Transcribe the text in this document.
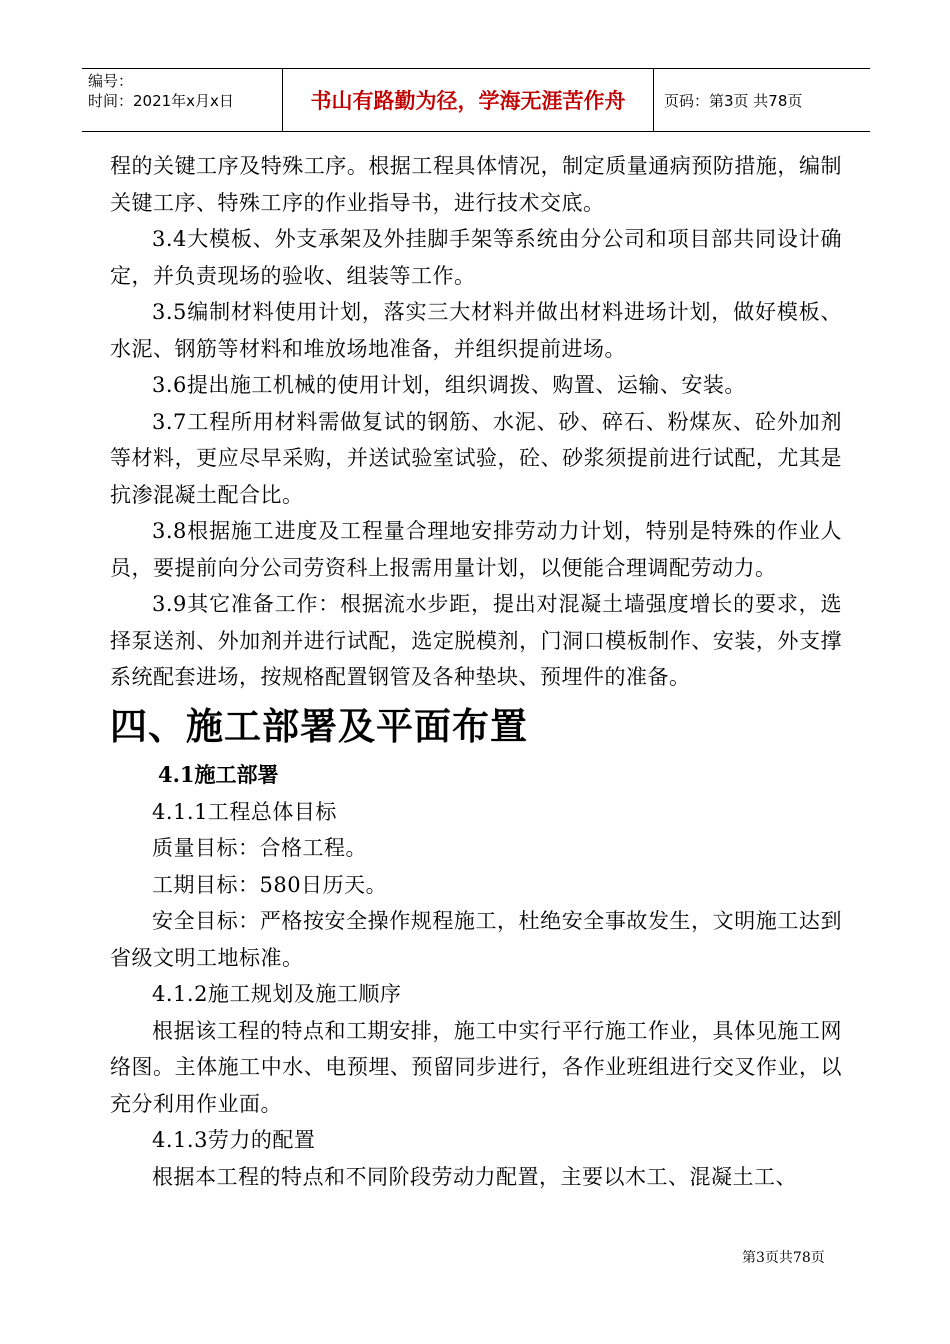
编号：
时间：2021年x月x日	书山有路勤为径，学海无涯苦作舟	页码：第3页 共78页

程的关键工序及特殊工序。根据工程具体情况，制定质量通病预防措施，编制关键工序、特殊工序的作业指导书，进行技术交底。

3.4大模板、外支承架及外挂脚手架等系统由分公司和项目部共同设计确定，并负责现场的验收、组装等工作。

3.5编制材料使用计划，落实三大材料并做出材料进场计划，做好模板、水泥、钢筋等材料和堆放场地准备，并组织提前进场。

3.6提出施工机械的使用计划，组织调拨、购置、运输、安装。

3.7工程所用材料需做复试的钢筋、水泥、砂、碎石、粉煤灰、砼外加剂等材料，更应尽早采购，并送试验室试验，砼、砂浆须提前进行试配，尤其是抗渗混凝土配合比。

3.8根据施工进度及工程量合理地安排劳动力计划，特别是特殊的作业人员，要提前向分公司劳资科上报需用量计划，以便能合理调配劳动力。

3.9其它准备工作：根据流水步距，提出对混凝土墙强度增长的要求，选择泵送剂、外加剂并进行试配，选定脱模剂，门洞口模板制作、安装，外支撑系统配套进场，按规格配置钢管及各种垫块、预埋件的准备。

四、施工部署及平面布置
4.1施工部署

4.1.1工程总体目标

质量目标：合格工程。

工期目标：580日历天。

安全目标：严格按安全操作规程施工，杜绝安全事故发生，文明施工达到省级文明工地标准。

4.1.2施工规划及施工顺序

根据该工程的特点和工期安排，施工中实行平行施工作业，具体见施工网络图。主体施工中水、电预埋、预留同步进行，各作业班组进行交叉作业，以充分利用作业面。

4.1.3劳力的配置

根据本工程的特点和不同阶段劳动力配置，主要以木工、混凝土工、

第3页共78页
